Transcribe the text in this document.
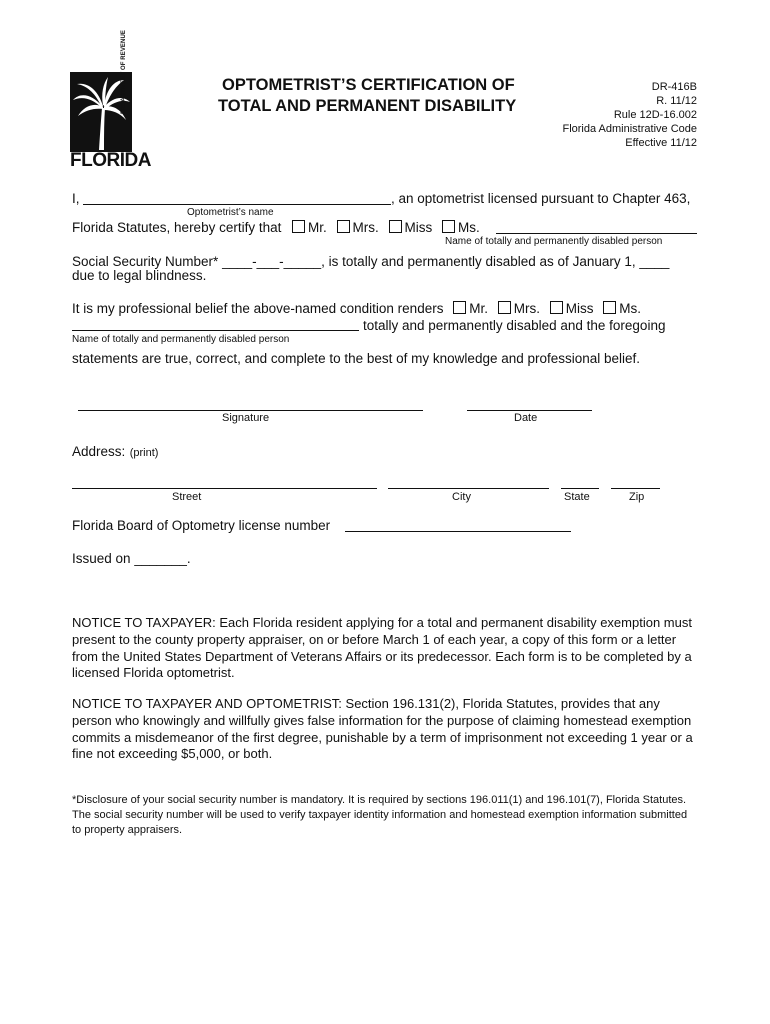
DEPARTMENT OF REVENUE
FLORIDA
OPTOMETRIST’S CERTIFICATION OF
TOTAL AND PERMANENT DISABILITY
DR-416B
R. 11/12
Rule 12D-16.002
Florida Administrative Code
Effective 11/12
I,	, an optometrist licensed pursuant to Chapter 463,
Optometrist’s name
Florida Statutes, hereby certify that	Mr. Mrs. Miss Ms.
Name of totally and permanently disabled person
Social Security Number* ____-___-_____, is totally and permanently disabled as of January 1, ____
due to legal blindness.
It is my professional belief the above-named condition renders Mr. Mrs. Miss Ms.
totally and permanently disabled and the foregoing
Name of totally and permanently disabled person
statements are true, correct, and complete to the best of my knowledge and professional belief.
Signature	Date
Address: (print)
Street	City	State	Zip
Florida Board of Optometry license number
Issued on _______.
NOTICE TO TAXPAYER: Each Florida resident applying for a total and permanent disability exemption must present to the county property appraiser, on or before March 1 of each year, a copy of this form or a letter from the United States Department of Veterans Affairs or its predecessor. Each form is to be completed by a licensed Florida optometrist.
NOTICE TO TAXPAYER AND OPTOMETRIST: Section 196.131(2), Florida Statutes, provides that any person who knowingly and willfully gives false information for the purpose of claiming homestead exemption commits a misdemeanor of the first degree, punishable by a term of imprisonment not exceeding 1 year or a fine not exceeding $5,000, or both.
*Disclosure of your social security number is mandatory. It is required by sections 196.011(1) and 196.101(7), Florida Statutes. The social security number will be used to verify taxpayer identity information and homestead exemption information submitted to property appraisers.
